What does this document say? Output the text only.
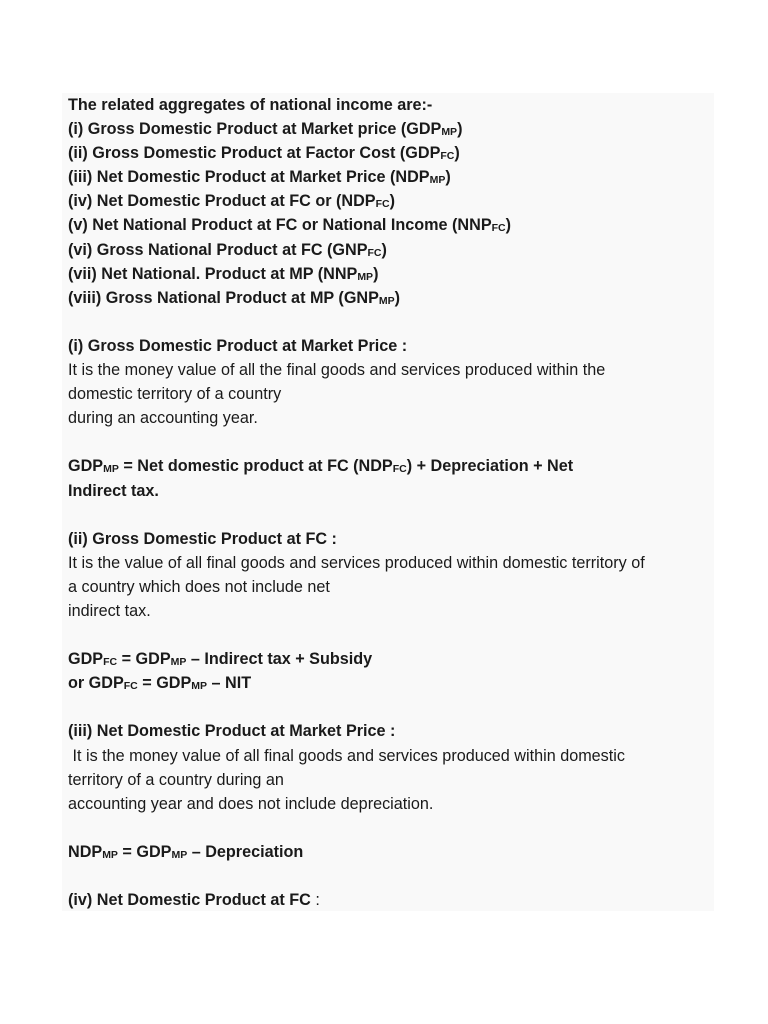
The related aggregates of national income are:-
(i) Gross Domestic Product at Market price (GDPMP)
(ii) Gross Domestic Product at Factor Cost (GDPFC)
(iii) Net Domestic Product at Market Price (NDPMP)
(iv) Net Domestic Product at FC or (NDPFC)
(v) Net National Product at FC or National Income (NNPFC)
(vi) Gross National Product at FC (GNPFC)
(vii) Net National. Product at MP (NNPMP)
(viii) Gross National Product at MP (GNPMP)
(i) Gross Domestic Product at Market Price :
It is the money value of all the final goods and services produced within the
domestic territory of a country
during an accounting year.
GDPMP = Net domestic product at FC (NDPFC) + Depreciation + Net
Indirect tax.
(ii) Gross Domestic Product at FC :
It is the value of all final goods and services produced within domestic territory of
a country which does not include net
indirect tax.
GDPFC = GDPMP – Indirect tax + Subsidy
or GDPFC = GDPMP – NIT
(iii) Net Domestic Product at Market Price :
It is the money value of all final goods and services produced within domestic
territory of a country during an
accounting year and does not include depreciation.
NDPMP = GDPMP – Depreciation
(iv) Net Domestic Product at FC :
